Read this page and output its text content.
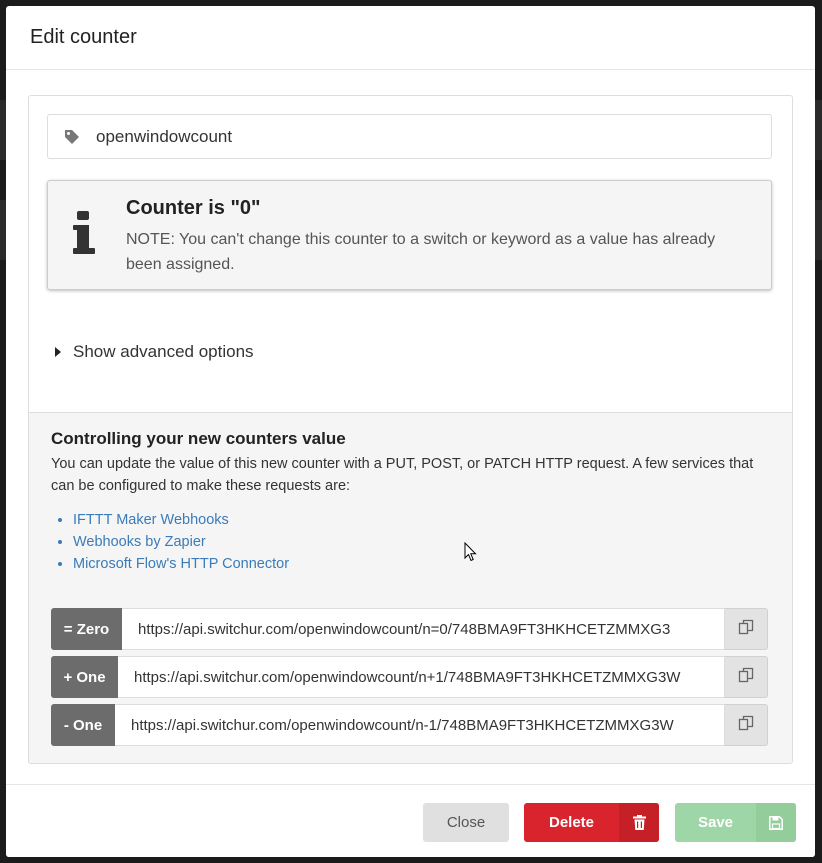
Edit counter
openwindowcount
Counter is "0"
NOTE: You can't change this counter to a switch or keyword as a value has already been assigned.
Show advanced options
Controlling your new counters value
You can update the value of this new counter with a PUT, POST, or PATCH HTTP request. A few services that can be configured to make these requests are:
• IFTTT Maker Webhooks
• Webhooks by Zapier
• Microsoft Flow's HTTP Connector
= Zero
https://api.switchur.com/openwindowcount/n=0/748BMA9FT3HKHCETZMMXG3
+ One
https://api.switchur.com/openwindowcount/n+1/748BMA9FT3HKHCETZMMXG3W
- One
https://api.switchur.com/openwindowcount/n-1/748BMA9FT3HKHCETZMMXG3W
Close	Delete	Save
